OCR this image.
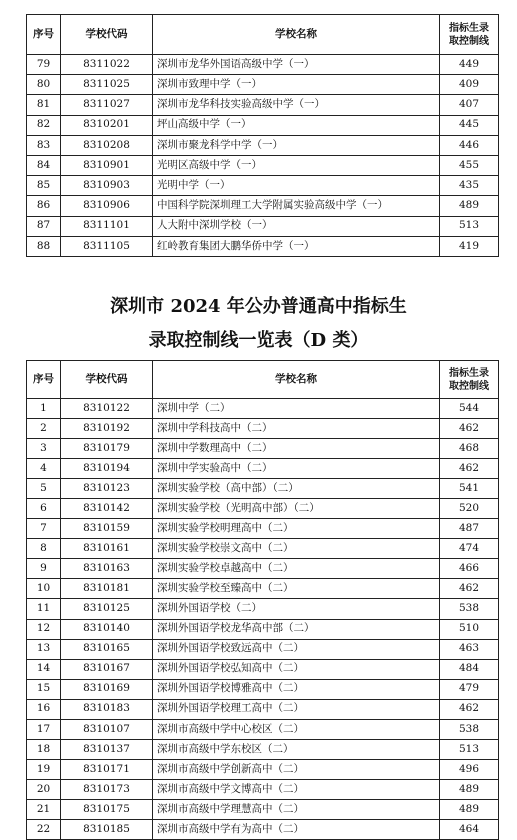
序号	学校代码	学校名称	指标生录
取控制线

79	8311022	深圳市龙华外国语高级中学（一）	449
80	8311025	深圳市致理中学（一）	409
81	8311027	深圳市龙华科技实验高级中学（一）	407
82	8310201	坪山高级中学（一）	445
83	8310208	深圳市聚龙科学中学（一）	446
84	8310901	光明区高级中学（一）	455
85	8310903	光明中学（一）	435
86	8310906	中国科学院深圳理工大学附属实验高级中学（一）	489
87	8311101	人大附中深圳学校（一）	513
88	8311105	红岭教育集团大鹏华侨中学（一）	419
深圳市 2024 年公办普通高中指标生
录取控制线一览表（D 类）
序号	学校代码	学校名称	指标生录
取控制线

1	8310122	深圳中学（二）	544
2	8310192	深圳中学科技高中（二）	462
3	8310179	深圳中学数理高中（二）	468
4	8310194	深圳中学实验高中（二）	462
5	8310123	深圳实验学校（高中部）（二）	541
6	8310142	深圳实验学校（光明高中部）（二）	520
7	8310159	深圳实验学校明理高中（二）	487
8	8310161	深圳实验学校崇文高中（二）	474
9	8310163	深圳实验学校卓越高中（二）	466
10	8310181	深圳实验学校至臻高中（二）	462
11	8310125	深圳外国语学校（二）	538
12	8310140	深圳外国语学校龙华高中部（二）	510
13	8310165	深圳外国语学校致远高中（二）	463
14	8310167	深圳外国语学校弘知高中（二）	484
15	8310169	深圳外国语学校博雅高中（二）	479
16	8310183	深圳外国语学校理工高中（二）	462
17	8310107	深圳市高级中学中心校区（二）	538
18	8310137	深圳市高级中学东校区（二）	513
19	8310171	深圳市高级中学创新高中（二）	496
20	8310173	深圳市高级中学文博高中（二）	489
21	8310175	深圳市高级中学理慧高中（二）	489
22	8310185	深圳市高级中学有为高中（二）	464
